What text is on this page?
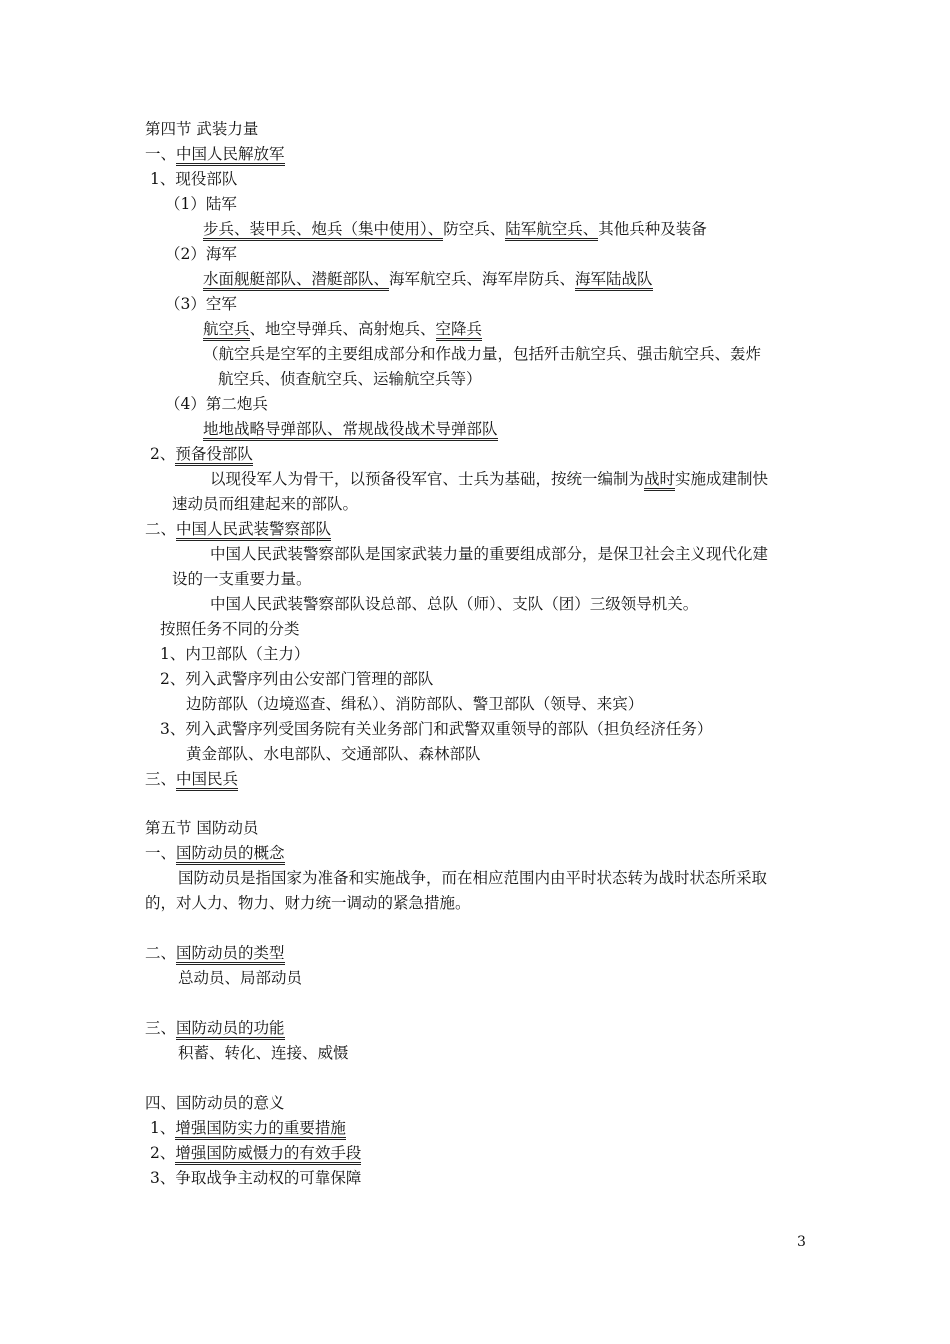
第四节 武装力量
一、中国人民解放军
1、现役部队
（1）陆军
步兵、装甲兵、炮兵（集中使用）、防空兵、陆军航空兵、其他兵种及装备
（2）海军
水面舰艇部队、潜艇部队、海军航空兵、海军岸防兵、海军陆战队
（3）空军
航空兵、地空导弹兵、高射炮兵、空降兵
（航空兵是空军的主要组成部分和作战力量，包括歼击航空兵、强击航空兵、轰炸
航空兵、侦查航空兵、运输航空兵等）
（4）第二炮兵
地地战略导弹部队、常规战役战术导弹部队
2、预备役部队
以现役军人为骨干，以预备役军官、士兵为基础，按统一编制为战时实施成建制快
速动员而组建起来的部队。
二、中国人民武装警察部队
中国人民武装警察部队是国家武装力量的重要组成部分，是保卫社会主义现代化建
设的一支重要力量。
中国人民武装警察部队设总部、总队（师）、支队（团）三级领导机关。
按照任务不同的分类
1、内卫部队（主力）
2、列入武警序列由公安部门管理的部队
边防部队（边境巡查、缉私）、消防部队、警卫部队（领导、来宾）
3、列入武警序列受国务院有关业务部门和武警双重领导的部队（担负经济任务）
黄金部队、水电部队、交通部队、森林部队
三、中国民兵
第五节 国防动员
一、国防动员的概念
国防动员是指国家为准备和实施战争，而在相应范围内由平时状态转为战时状态所采取
的，对人力、物力、财力统一调动的紧急措施。
二、国防动员的类型
总动员、局部动员
三、国防动员的功能
积蓄、转化、连接、威慑
四、国防动员的意义
1、增强国防实力的重要措施
2、增强国防威慑力的有效手段
3、争取战争主动权的可靠保障
3
